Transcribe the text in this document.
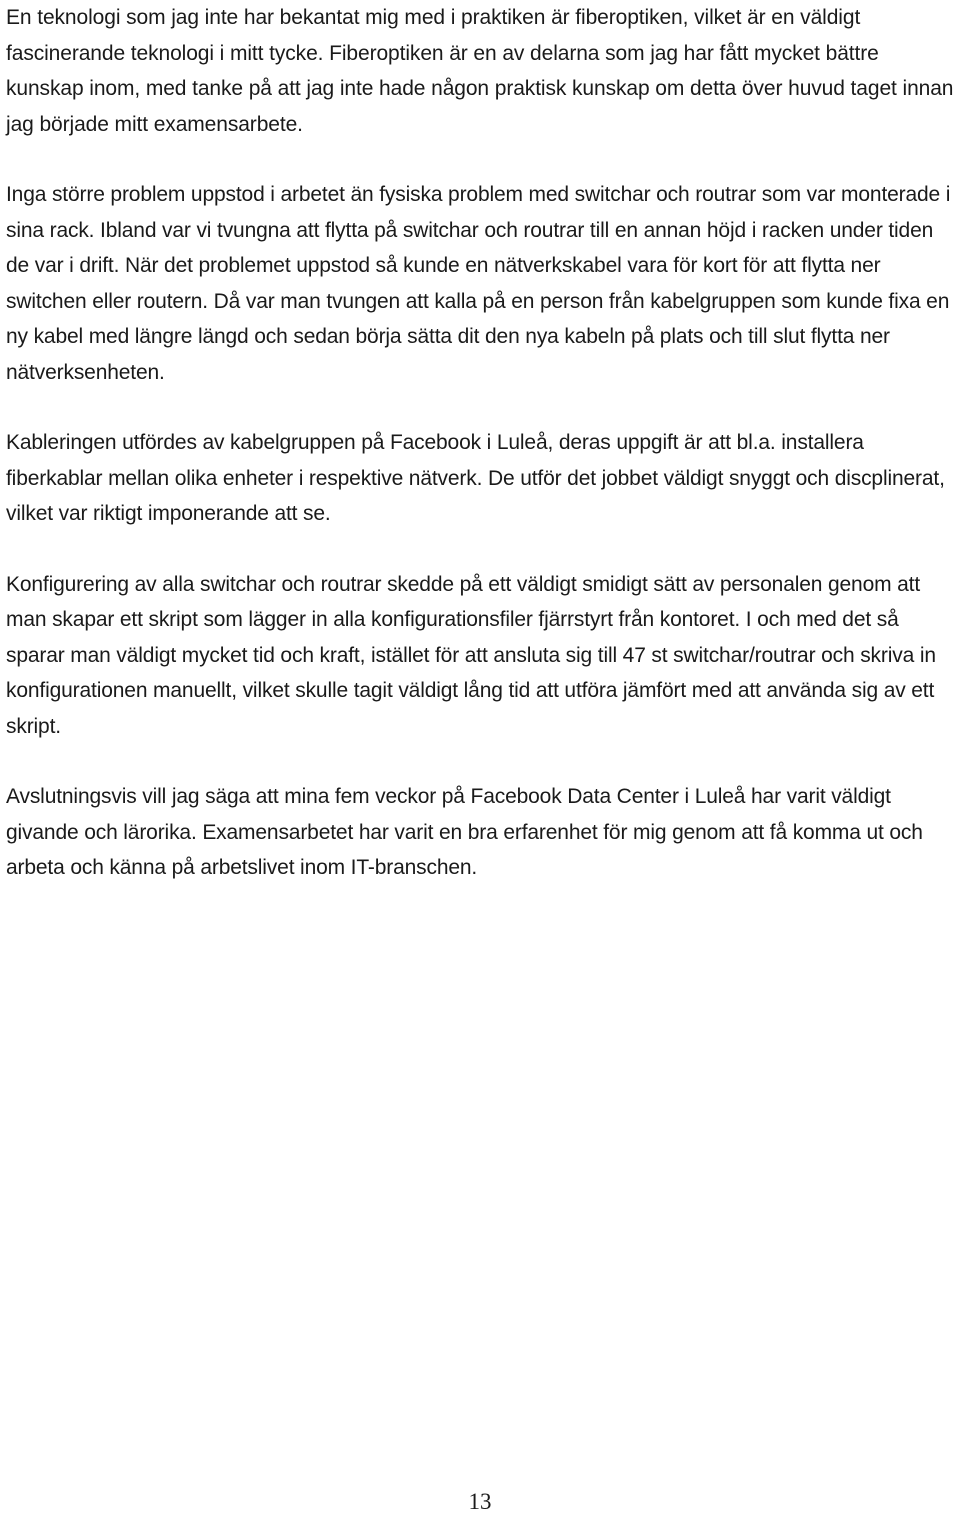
En teknologi som jag inte har bekantat mig med i praktiken är fiberoptiken, vilket är en väldigt fascinerande teknologi i mitt tycke. Fiberoptiken är en av delarna som jag har fått mycket bättre kunskap inom, med tanke på att jag inte hade någon praktisk kunskap om detta över huvud taget innan jag började mitt examensarbete.

Inga större problem uppstod i arbetet än fysiska problem med switchar och routrar som var monterade i sina rack. Ibland var vi tvungna att flytta på switchar och routrar till en annan höjd i racken under tiden de var i drift. När det problemet uppstod så kunde en nätverkskabel vara för kort för att flytta ner switchen eller routern. Då var man tvungen att kalla på en person från kabelgruppen som kunde fixa en ny kabel med längre längd och sedan börja sätta dit den nya kabeln på plats och till slut flytta ner nätverksenheten.

Kableringen utfördes av kabelgruppen på Facebook i Luleå, deras uppgift är att bl.a. installera fiberkablar mellan olika enheter i respektive nätverk. De utför det jobbet väldigt snyggt och discplinerat, vilket var riktigt imponerande att se.

Konfigurering av alla switchar och routrar skedde på ett väldigt smidigt sätt av personalen genom att man skapar ett skript som lägger in alla konfigurationsfiler fjärrstyrt från kontoret. I och med det så sparar man väldigt mycket tid och kraft, istället för att ansluta sig till 47 st switchar/routrar och skriva in konfigurationen manuellt, vilket skulle tagit väldigt lång tid att utföra jämfört med att använda sig av ett skript.

Avslutningsvis vill jag säga att mina fem veckor på Facebook Data Center i Luleå har varit väldigt givande och lärorika. Examensarbetet har varit en bra erfarenhet för mig genom att få komma ut och arbeta och känna på arbetslivet inom IT-branschen.

13
